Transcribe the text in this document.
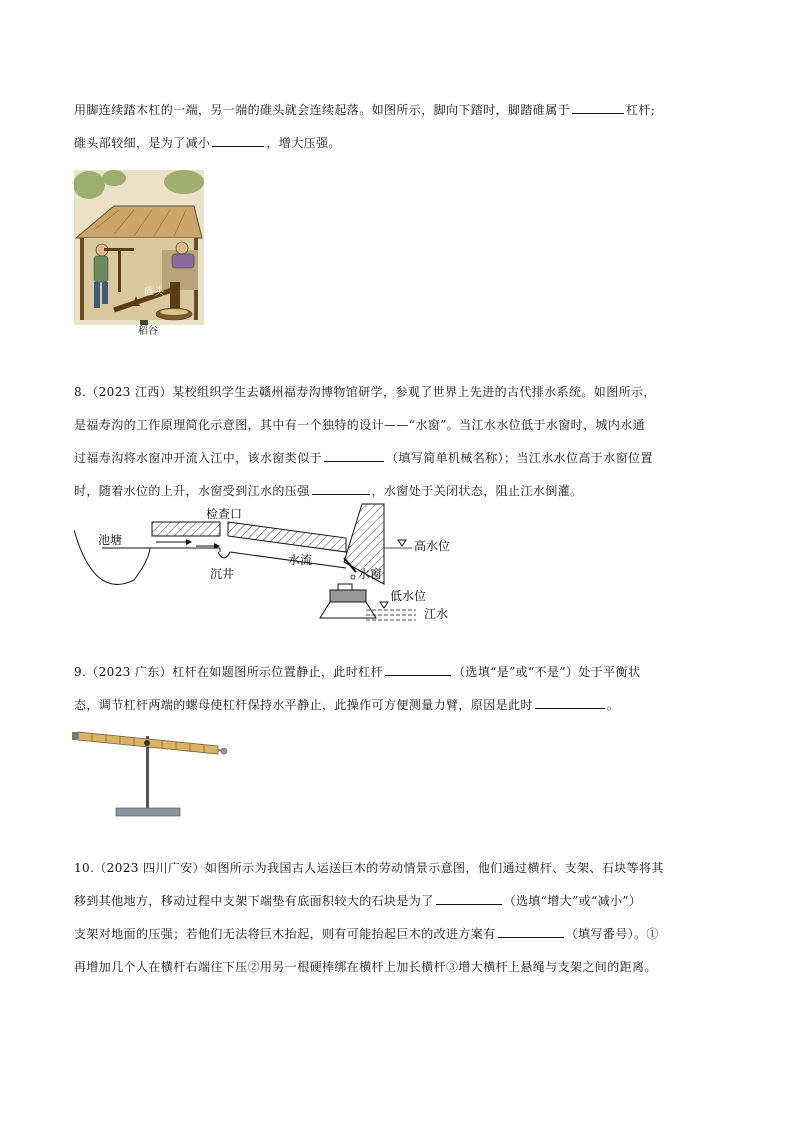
用脚连续踏木杠的一端，另一端的碓头就会连续起落。如图所示，脚向下踏时，脚踏碓属于	杠杆;
碓头部较细，是为了减小	，增大压强。
碓头
稻谷
8.（2023 江西）某校组织学生去赣州福寿沟博物馆研学，参观了世界上先进的古代排水系统。如图所示，
是福寿沟的工作原理简化示意图，其中有一个独特的设计——“水窗”。当江水水位低于水窗时，城内水通
过福寿沟将水窗冲开流入江中，该水窗类似于	（填写简单机械名称）；当江水水位高于水窗位置
时，随着水位的上升，水窗受到江水的压强	，水窗处于关闭状态，阻止江水倒灌。
池塘
检查口
沉井
水流
水窗
高水位
低水位
江水
9.（2023 广东）杠杆在如题图所示位置静止，此时杠杆	（选填“是”或“不是”）处于平衡状
态，调节杠杆两端的螺母使杠杆保持水平静止，此操作可方便测量力臂，原因是此时	。
10.（2023 四川广安）如图所示为我国古人运送巨木的劳动情景示意图，他们通过横杆、支架、石块等将其
移到其他地方，移动过程中支架下端垫有底面积较大的石块是为了	（选填“增大”或“减小”）
支架对地面的压强；若他们无法将巨木抬起，则有可能抬起巨木的改进方案有	（填写番号）。①
再增加几个人在横杆右端往下压②用另一根硬棒绑在横杆上加长横杆③增大横杆上悬绳与支架之间的距离。
